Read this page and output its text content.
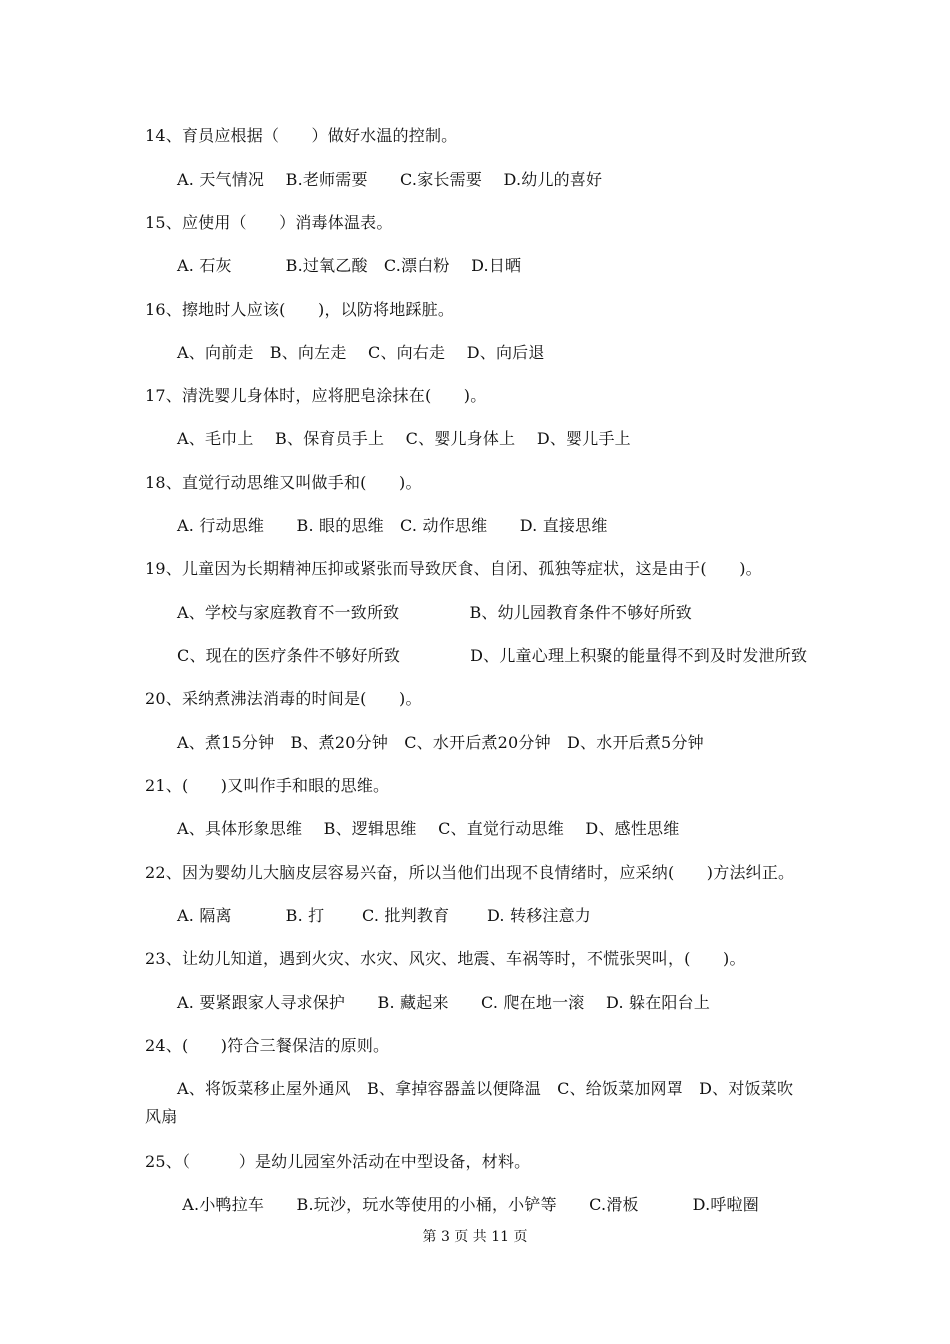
14、育员应根据（　　）做好水温的控制。
A. 天气情况　 B.老师需要　　C.家长需要　 D.幼儿的喜好
15、应使用（　　）消毒体温表。
A. 石灰　　　 B.过氧乙酸　C.漂白粉　 D.日晒
16、擦地时人应该(　　)，以防将地踩脏。
A、向前走　B、向左走　 C、向右走　 D、向后退
17、清洗婴儿身体时，应将肥皂涂抹在(　　)。
A、毛巾上　 B、保育员手上　 C、婴儿身体上　 D、婴儿手上
18、直觉行动思维又叫做手和(　　)。
A. 行动思维　　B. 眼的思维　C. 动作思维　　D. 直接思维
19、儿童因为长期精神压抑或紧张而导致厌食、自闭、孤独等症状，这是由于(　　)。
A、学校与家庭教育不一致所致　　　　 B、幼儿园教育条件不够好所致
C、现在的医疗条件不够好所致　　　　 D、儿童心理上积聚的能量得不到及时发泄所致
20、采纳煮沸法消毒的时间是(　　)。
A、煮15分钟　B、煮20分钟　C、水开后煮20分钟　D、水开后煮5分钟
21、(　　)又叫作手和眼的思维。
A、具体形象思维　 B、逻辑思维　 C、直觉行动思维　 D、感性思维
22、因为婴幼儿大脑皮层容易兴奋，所以当他们出现不良情绪时，应采纳(　　)方法纠正。
A. 隔离　　　 B. 打　　 C. 批判教育　　 D. 转移注意力
23、让幼儿知道，遇到火灾、水灾、风灾、地震、车祸等时，不慌张哭叫，(　　)。
A. 要紧跟家人寻求保护　　B. 藏起来　　C. 爬在地一滚　 D. 躲在阳台上
24、(　　)符合三餐保洁的原则。
A、将饭菜移止屋外通风　B、拿掉容器盖以便降温　C、给饭菜加网罩　D、对饭菜吹
风扇
25、（　　　）是幼儿园室外活动在中型设备，材料。
A.小鸭拉车　　B.玩沙，玩水等使用的小桶，小铲等　　C.滑板　　　 D.呼啦圈
第 3 页 共 11 页
